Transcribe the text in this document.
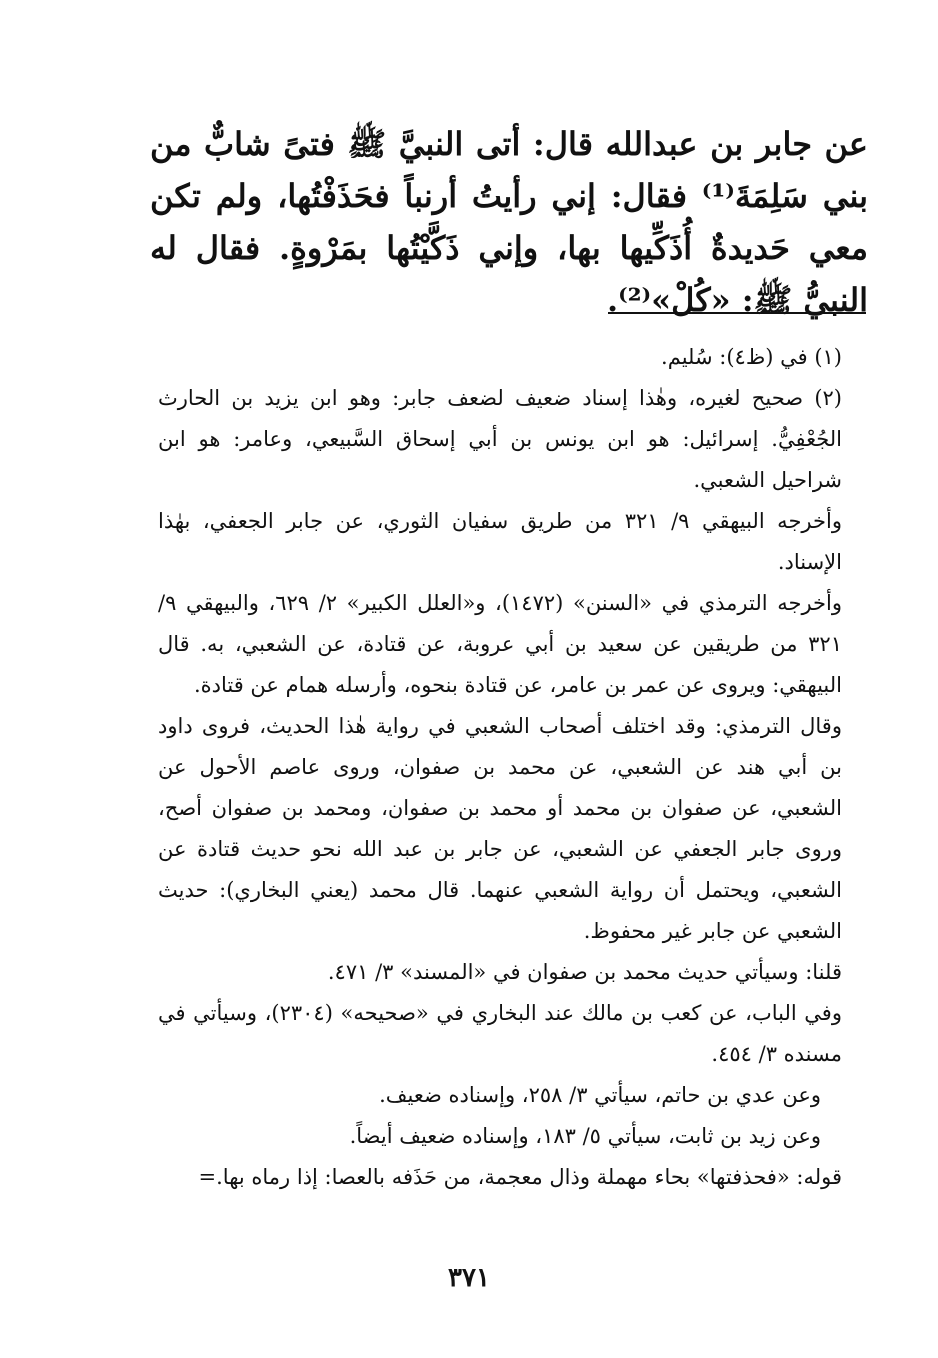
عن جابر بن عبدالله قال: أتى النبيَّ ﷺ فتىً شابٌّ من بني سَلِمَةَ⁽¹⁾ فقال: إني رأيتُ أرنباً فحَذَفْتُها، ولم تكن معي حَديدةٌ أُذَكِّيها بها، وإني ذَكَّيْتُها بمَرْوةٍ. فقال له النبيُّ ﷺ: «كُلْ»⁽²⁾.

(١) في (ظ٤): سُليم.

(٢) صحيح لغيره، وهٰذا إسناد ضعيف لضعف جابر: وهو ابن يزيد بن الحارث الجُعْفِيُّ. إسرائيل: هو ابن يونس بن أبي إسحاق السَّبيعي، وعامر: هو ابن شراحيل الشعبي.

وأخرجه البيهقي ٩/ ٣٢١ من طريق سفيان الثوري، عن جابر الجعفي، بهٰذا الإسناد.

وأخرجه الترمذي في «السنن» (١٤٧٢)، و«العلل الكبير» ٢/ ٦٢٩، والبيهقي ٩/ ٣٢١ من طريقين عن سعيد بن أبي عروبة، عن قتادة، عن الشعبي، به. قال البيهقي: ويروى عن عمر بن عامر، عن قتادة بنحوه، وأرسله همام عن قتادة.

وقال الترمذي: وقد اختلف أصحاب الشعبي في رواية هٰذا الحديث، فروى داود بن أبي هند عن الشعبي، عن محمد بن صفوان، وروى عاصم الأحول عن الشعبي، عن صفوان بن محمد أو محمد بن صفوان، ومحمد بن صفوان أصح، وروى جابر الجعفي عن الشعبي، عن جابر بن عبد الله نحو حديث قتادة عن الشعبي، ويحتمل أن رواية الشعبي عنهما. قال محمد (يعني البخاري): حديث الشعبي عن جابر غير محفوظ.

قلنا: وسيأتي حديث محمد بن صفوان في «المسند» ٣/ ٤٧١.

وفي الباب، عن كعب بن مالك عند البخاري في «صحيحه» (٢٣٠٤)، وسيأتي في مسنده ٣/ ٤٥٤.

وعن عدي بن حاتم، سيأتي ٣/ ٢٥٨، وإسناده ضعيف.

وعن زيد بن ثابت، سيأتي ٥/ ١٨٣، وإسناده ضعيف أيضاً.

قوله: «فحذفتها» بحاء مهملة وذال معجمة، من حَذَفه بالعصا: إذا رماه بها.=

٣٧١
